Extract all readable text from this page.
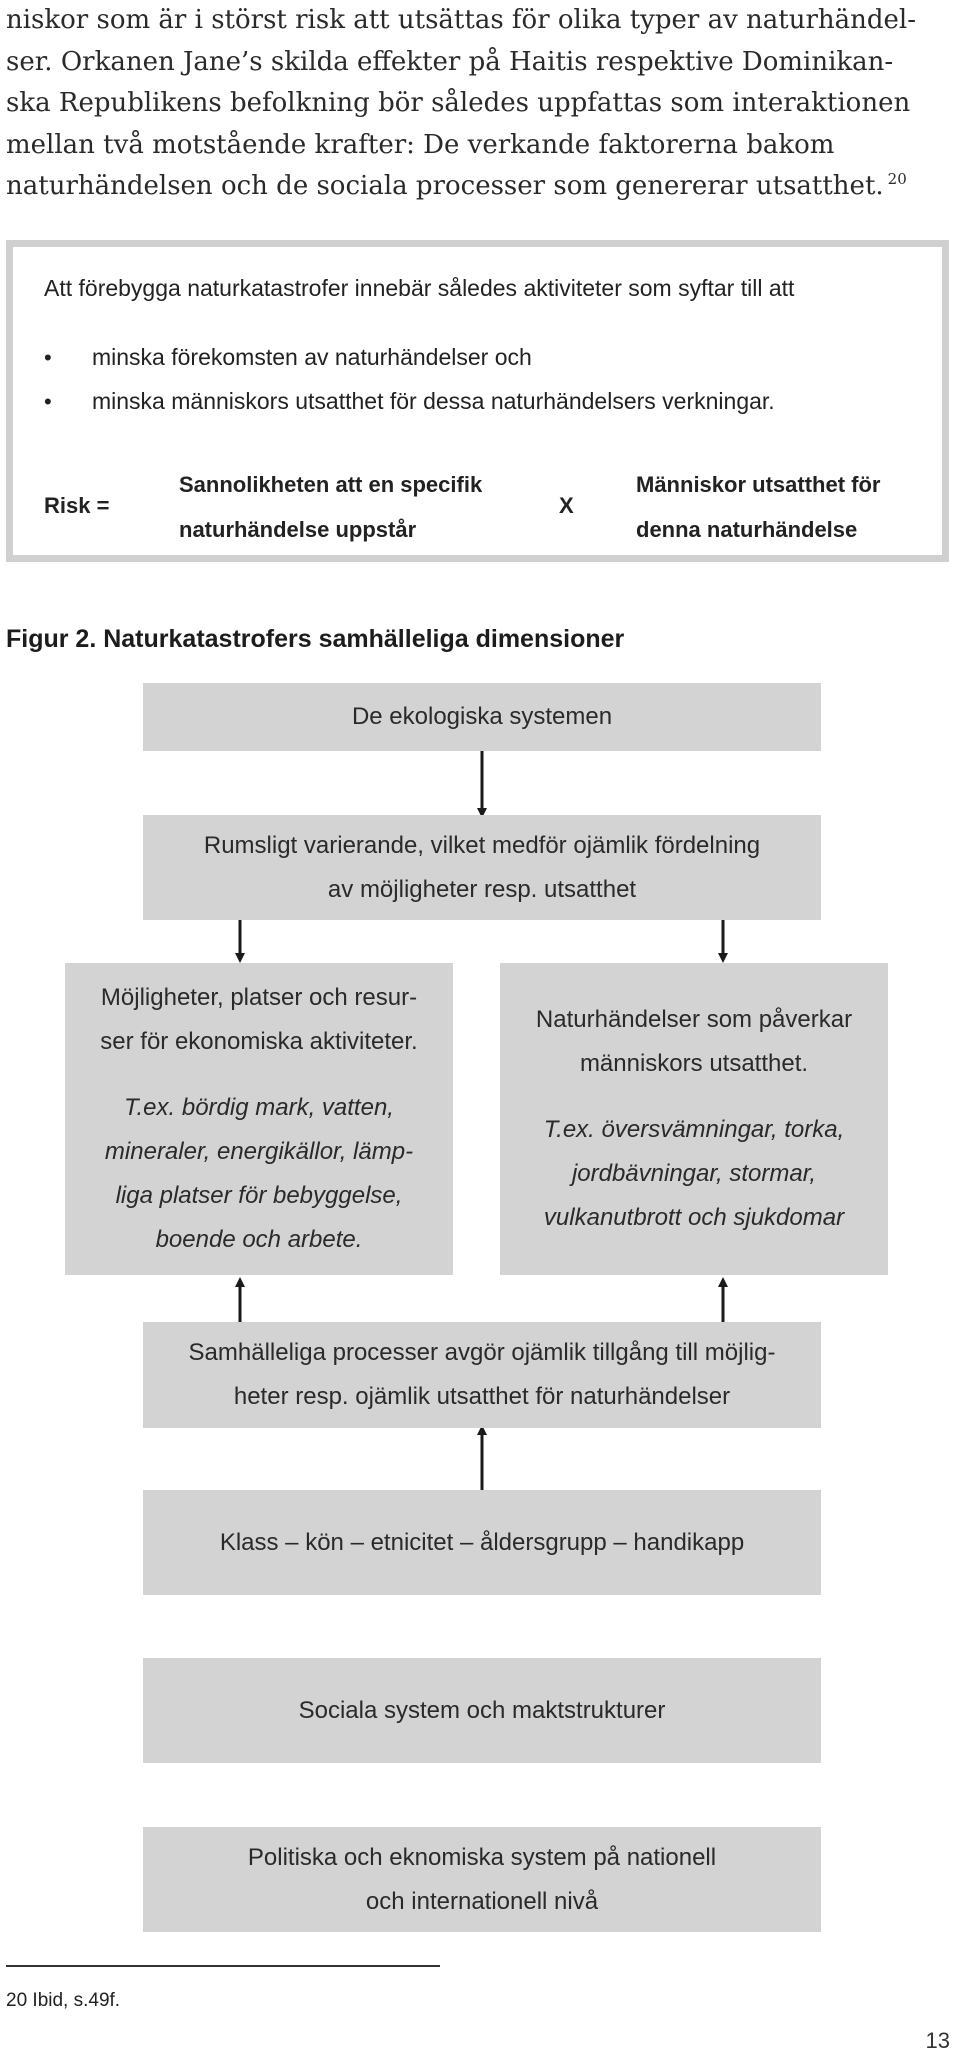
niskor som är i störst risk att utsättas för olika typer av naturhändel-
ser. Orkanen Jane’s skilda effekter på Haitis respektive Dominikan-
ska Republikens befolkning bör således uppfattas som interaktionen
mellan två motstående krafter: De verkande faktorerna bakom
naturhändelsen och de sociala processer som genererar utsatthet. $^{20}$
Att förebygga naturkatastrofer innebär således aktiviteter som syftar till att
• minska förekomsten av naturhändelser och
• minska människors utsatthet för dessa naturhändelsers verkningar.
Risk =
Sannolikheten att en specifik
naturhändelse uppstår
X
Människor utsatthet för
denna naturhändelse
Figur 2. Naturkatastrofers samhälleliga dimensioner
De ekologiska systemen
Rumsligt varierande, vilket medför ojämlik fördelning
av möjligheter resp. utsatthet
Möjligheter, platser och resur-
ser för ekonomiska aktiviteter.
T.ex. bördig mark, vatten,
mineraler, energikällor, lämp-
liga platser för bebyggelse,
boende och arbete.
Naturhändelser som påverkar
människors utsatthet.
T.ex. översvämningar, torka,
jordbävningar, stormar,
vulkanutbrott och sjukdomar
Samhälleliga processer avgör ojämlik tillgång till möjlig-
heter resp. ojämlik utsatthet för naturhändelser
Klass – kön – etnicitet – åldersgrupp – handikapp
Sociala system och maktstrukturer
Politiska och eknomiska system på nationell
och internationell nivå
20 Ibid, s.49f.
13
